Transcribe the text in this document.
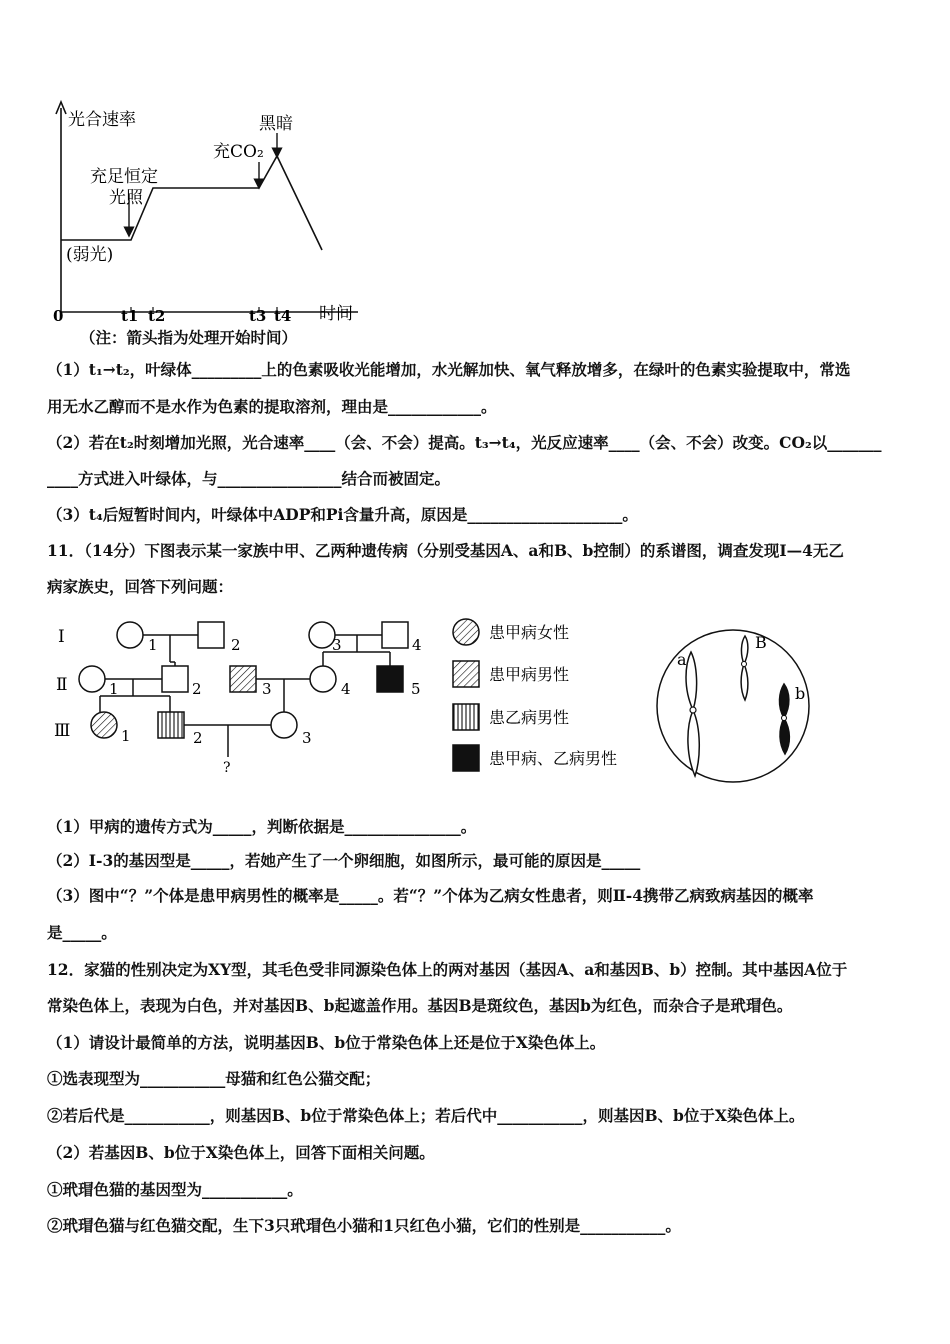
光合速率
时间
0	t1 t2	t3 t4
黑暗
充CO₂
充足恒定
光照
(弱光)
（注：箭头指为处理开始时间）
（1）t₁→t₂，叶绿体_________上的色素吸收光能增加，水光解加快、氧气释放增多，在绿叶的色素实验提取中，常选
用无水乙醇而不是水作为色素的提取溶剂，理由是____________。
（2）若在t₂时刻增加光照，光合速率____（会、不会）提高。t₃→t₄，光反应速率____（会、不会）改变。CO₂以_______
____方式进入叶绿体，与________________结合而被固定。
（3）t₄后短暂时间内，叶绿体中ADP和Pi含量升高，原因是____________________。
11．（14分）下图表示某一家族中甲、乙两种遗传病（分别受基因A、a和B、b控制）的系谱图，调查发现Ⅰ—4无乙
病家族史，回答下列问题：
Ⅰ
Ⅱ
Ⅲ
1	2	3	4
1	2	3	4	5
1	2	3
?
患甲病女性
患甲病男性
患乙病男性
患甲病、乙病男性
a
B
b
（1）甲病的遗传方式为_____，判断依据是_______________。
（2）Ⅰ-3的基因型是_____，若她产生了一个卵细胞，如图所示，最可能的原因是_____
（3）图中“？”个体是患甲病男性的概率是_____。若“？”个体为乙病女性患者，则Ⅱ-4携带乙病致病基因的概率
是_____。
12．家猫的性别决定为XY型，其毛色受非同源染色体上的两对基因（基因A、a和基因B、b）控制。其中基因A位于
常染色体上，表现为白色，并对基因B、b起遮盖作用。基因B是斑纹色，基因b为红色，而杂合子是玳瑁色。
（1）请设计最简单的方法，说明基因B、b位于常染色体上还是位于X染色体上。
①选表现型为___________母猫和红色公猫交配；
②若后代是___________，则基因B、b位于常染色体上；若后代中___________，则基因B、b位于X染色体上。
（2）若基因B、b位于X染色体上，回答下面相关问题。
①玳瑁色猫的基因型为___________。
②玳瑁色猫与红色猫交配，生下3只玳瑁色小猫和1只红色小猫，它们的性别是___________。
